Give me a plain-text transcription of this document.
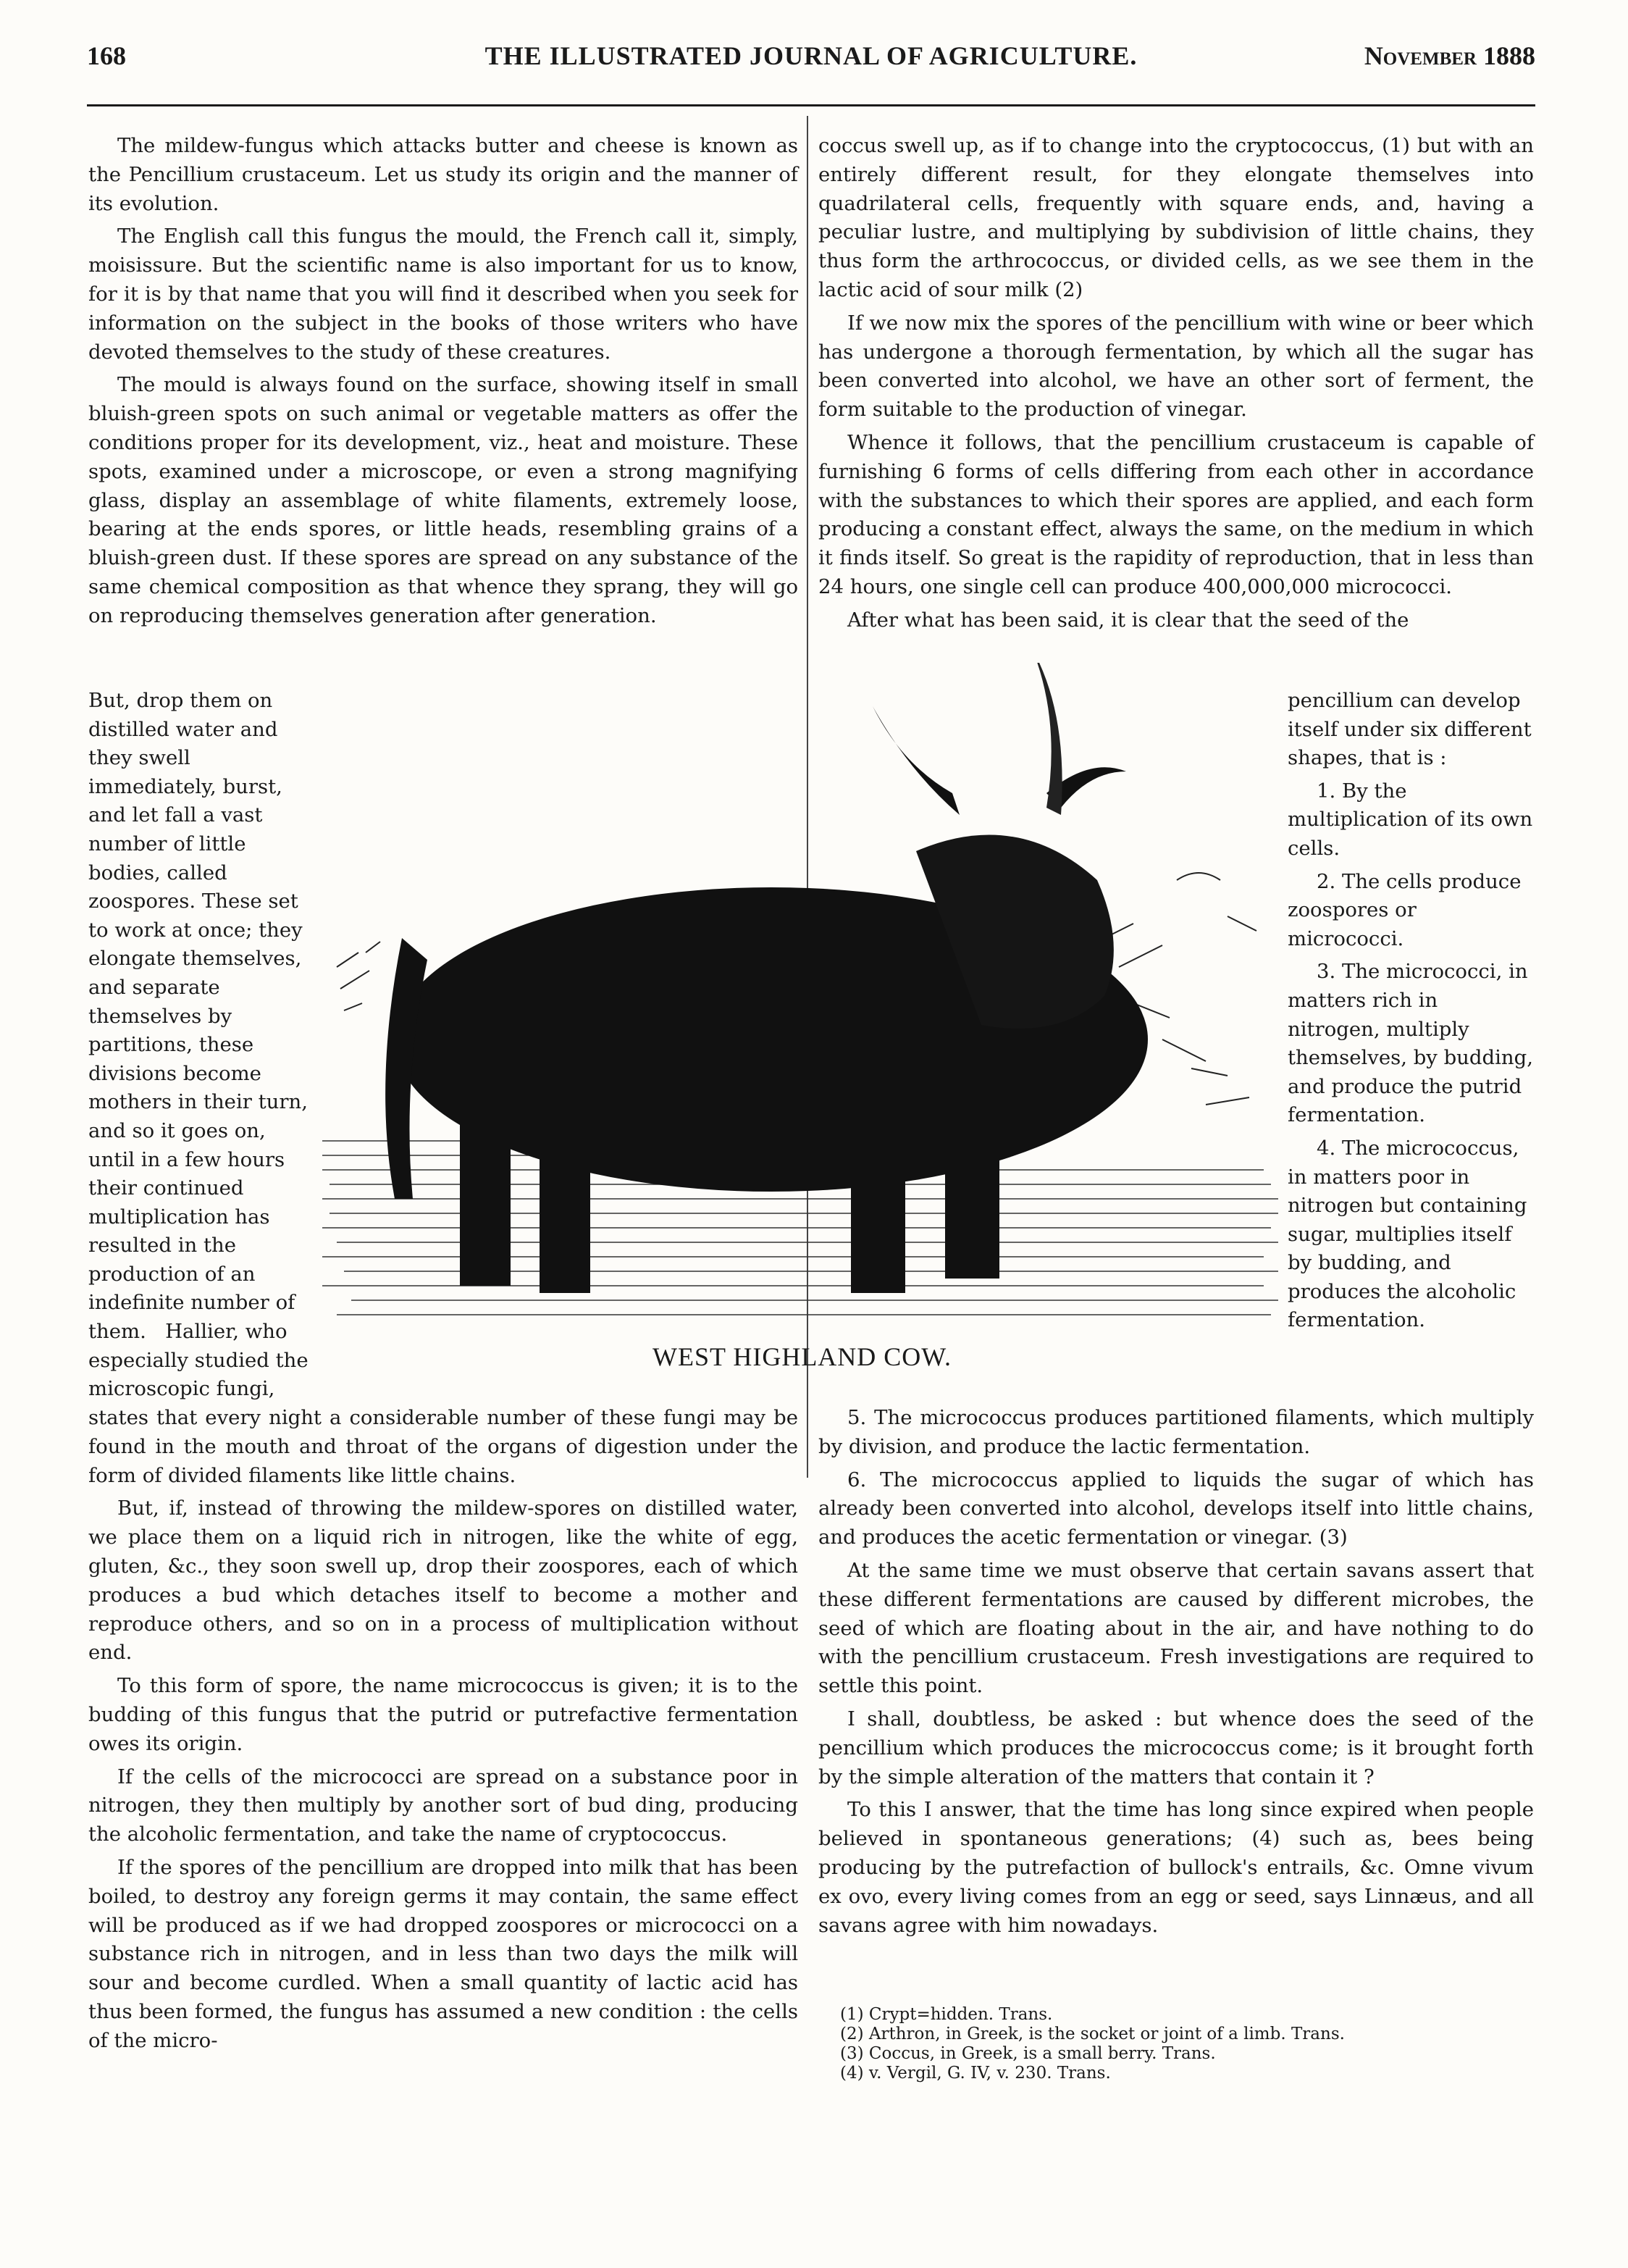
168	THE ILLUSTRATED JOURNAL OF AGRICULTURE.	November 1888

The mildew-fungus which attacks butter and cheese is known as the Pencillium crustaceum. Let us study its origin and the manner of its evolution.

The English call this fungus the mould, the French call it, simply, moisissure. But the scientific name is also important for us to know, for it is by that name that you will find it described when you seek for information on the subject in the books of those writers who have devoted themselves to the study of these creatures.

The mould is always found on the surface, showing itself in small bluish-green spots on such animal or vegetable matters as offer the conditions proper for its development, viz., heat and moisture. These spots, examined under a microscope, or even a strong magnifying glass, display an assemblage of white filaments, extremely loose, bearing at the ends spores, or little heads, resembling grains of a bluish-green dust. If these spores are spread on any substance of the same chemical composition as that whence they sprang, they will go on reproducing themselves generation after generation.

But, drop them on distilled water and they swell immediately, burst, and let fall a vast number of little bodies, called zoospores. These set to work at once; they elongate themselves, and separate themselves by partitions, these divisions become mothers in their turn, and so it goes on, until in a few hours their continued multiplication has resulted in the production of an indefinite number of them.   Hallier, who especially studied the microscopic fungi,

states that every night a considerable number of these fungi may be found in the mouth and throat of the organs of digestion under the form of divided filaments like little chains.

But, if, instead of throwing the mildew-spores on distilled water, we place them on a liquid rich in nitrogen, like the white of egg, gluten, &c., they soon swell up, drop their zoospores, each of which produces a bud which detaches itself to become a mother and reproduce others, and so on in a process of multiplication without end.

To this form of spore, the name micrococcus is given; it is to the budding of this fungus that the putrid or putrefactive fermentation owes its origin.

If the cells of the micrococci are spread on a substance poor in nitrogen, they then multiply by another sort of bud ding, producing the alcoholic fermentation, and take the name of cryptococcus.

If the spores of the pencillium are dropped into milk that has been boiled, to destroy any foreign germs it may contain, the same effect will be produced as if we had dropped zoospores or micrococci on a substance rich in nitrogen, and in less than two days the milk will sour and become curdled. When a small quantity of lactic acid has thus been formed, the fungus has assumed a new condition : the cells of the micro-

coccus swell up, as if to change into the cryptococcus, (1) but with an entirely different result, for they elongate themselves into quadrilateral cells, frequently with square ends, and, having a peculiar lustre, and multiplying by subdivision of little chains, they thus form the arthrococcus, or divided cells, as we see them in the lactic acid of sour milk (2)

If we now mix the spores of the pencillium with wine or beer which has undergone a thorough fermentation, by which all the sugar has been converted into alcohol, we have an other sort of ferment, the form suitable to the production of vinegar.

Whence it follows, that the pencillium crustaceum is capable of furnishing 6 forms of cells differing from each other in accordance with the substances to which their spores are applied, and each form producing a constant effect, always the same, on the medium in which it finds itself. So great is the rapidity of reproduction, that in less than 24 hours, one single cell can produce 400,000,000 micrococci.

After what has been said, it is clear that the seed of the

pencillium can develop itself under six different shapes, that is :

1. By the multiplication of its own cells.

2. The cells produce zoospores or micrococci.

3. The micrococci, in matters rich in nitrogen, multiply themselves, by budding, and produce the putrid fermentation.

4. The micrococcus, in matters poor in nitrogen but containing sugar, multiplies itself by budding, and produces the alcoholic fermentation.

5. The micrococcus produces partitioned filaments, which multiply by division, and produce the lactic fermentation.

6. The micrococcus applied to liquids the sugar of which has already been converted into alcohol, develops itself into little chains, and produces the acetic fermentation or vinegar. (3)

At the same time we must observe that certain savans assert that these different fermentations are caused by different microbes, the seed of which are floating about in the air, and have nothing to do with the pencillium crustaceum. Fresh investigations are required to settle this point.

I shall, doubtless, be asked : but whence does the seed of the pencillium which produces the micrococcus come; is it brought forth by the simple alteration of the matters that contain it ?

To this I answer, that the time has long since expired when people believed in spontaneous generations; (4) such as, bees being producing by the putrefaction of bullock's entrails, &c. Omne vivum ex ovo, every living comes from an egg or seed, says Linnæus, and all savans agree with him nowadays.

WEST HIGHLAND COW.
(1) Crypt=hidden. Trans.
(2) Arthron, in Greek, is the socket or joint of a limb. Trans.
(3) Coccus, in Greek, is a small berry. Trans.
(4) v. Vergil, G. IV, v. 230. Trans.
